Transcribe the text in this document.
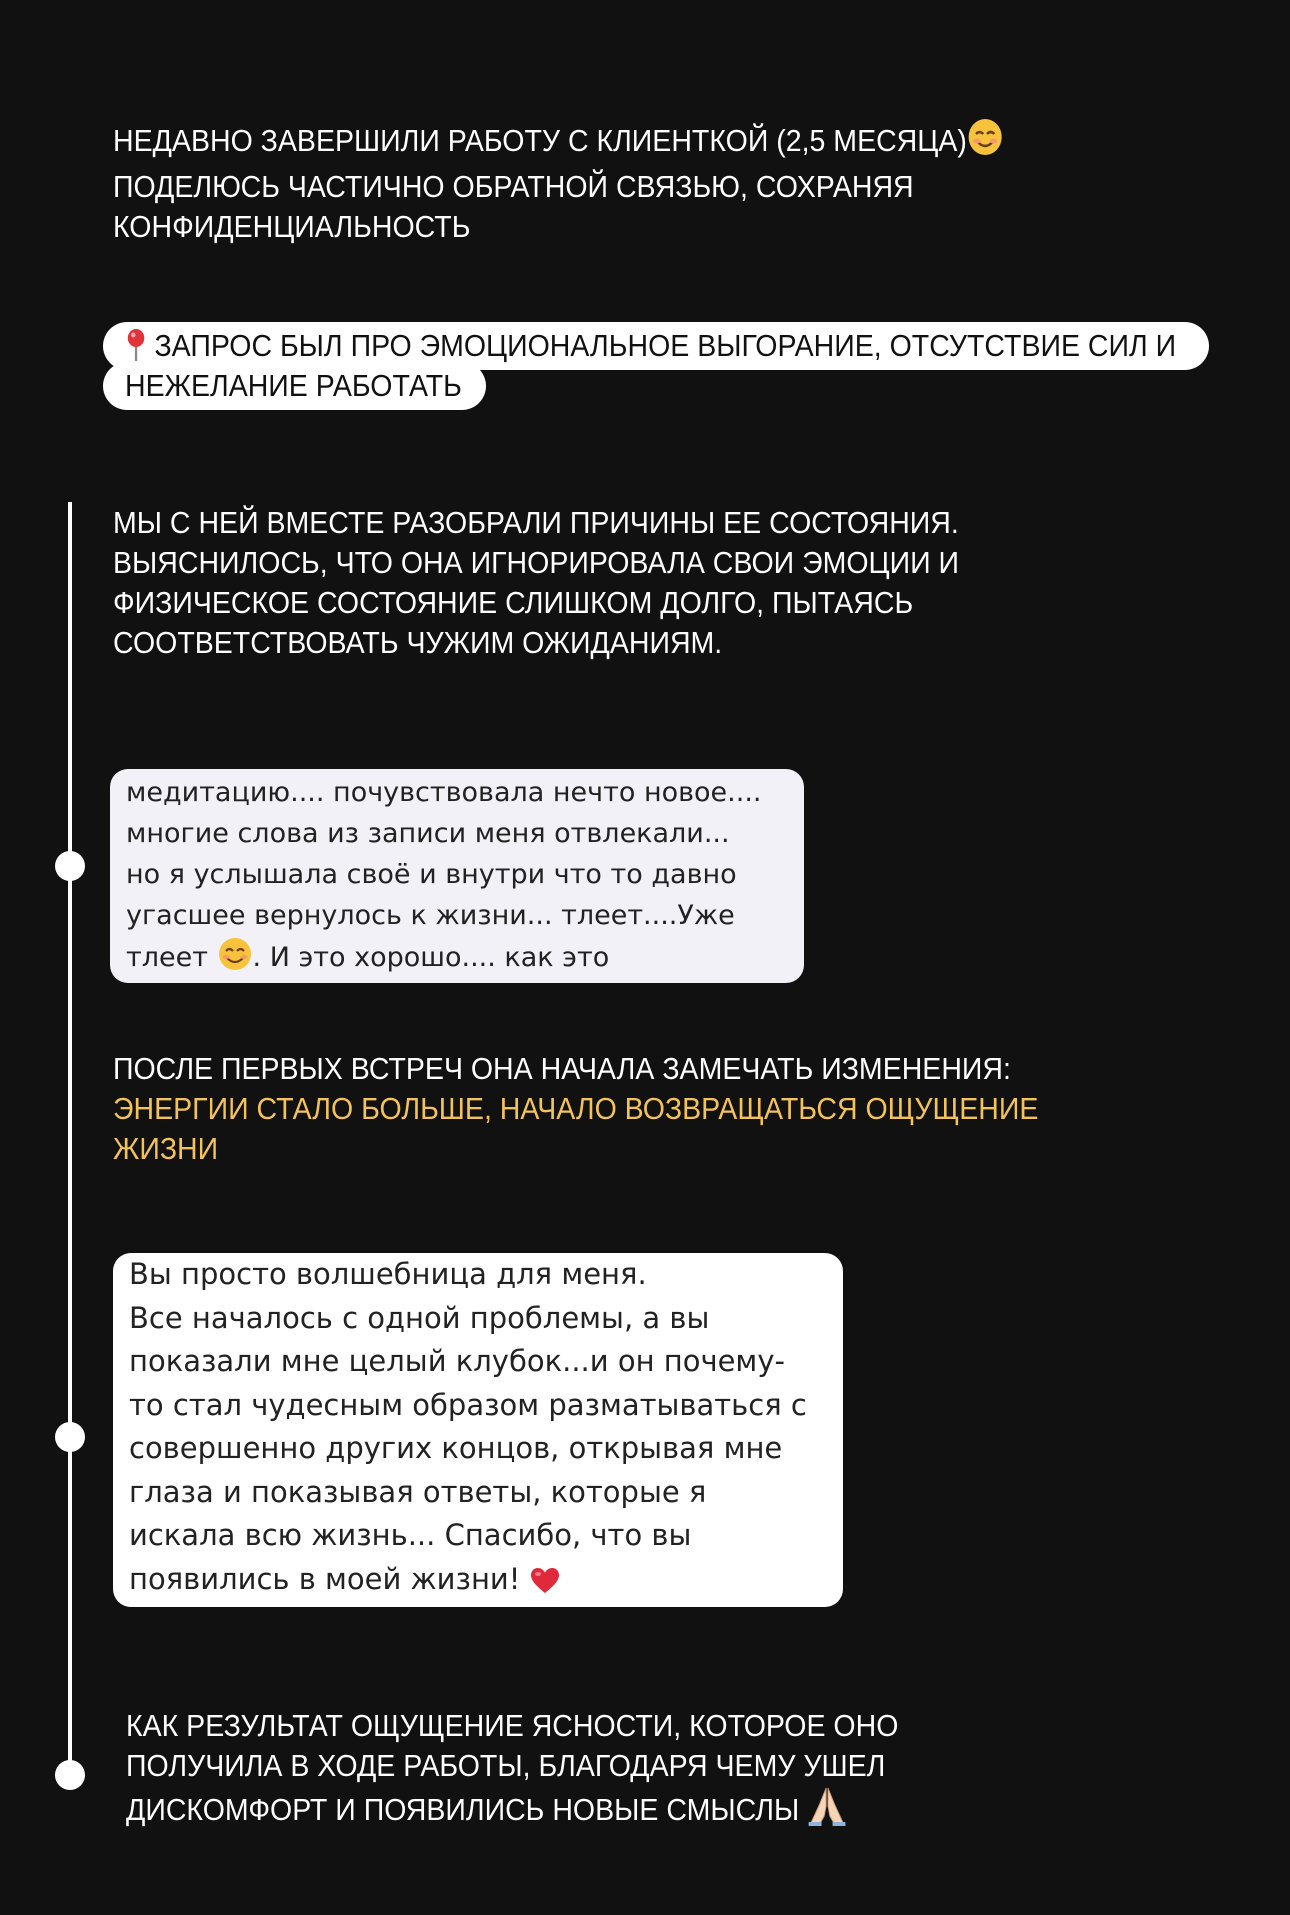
НЕДАВНО ЗАВЕРШИЛИ РАБОТУ С КЛИЕНТКОЙ (2,5 МЕСЯЦА)
ПОДЕЛЮСЬ ЧАСТИЧНО ОБРАТНОЙ СВЯЗЬЮ, СОХРАНЯЯ
КОНФИДЕНЦИАЛЬНОСТЬ
ЗАПРОС БЫЛ ПРО ЭМОЦИОНАЛЬНОЕ ВЫГОРАНИЕ, ОТСУТСТВИЕ СИЛ И
НЕЖЕЛАНИЕ РАБОТАТЬ
МЫ С НЕЙ ВМЕСТЕ РАЗОБРАЛИ ПРИЧИНЫ ЕЕ СОСТОЯНИЯ.
ВЫЯСНИЛОСЬ, ЧТО ОНА ИГНОРИРОВАЛА СВОИ ЭМОЦИИ И
ФИЗИЧЕСКОЕ СОСТОЯНИЕ СЛИШКОМ ДОЛГО, ПЫТАЯСЬ
СООТВЕТСТВОВАТЬ ЧУЖИМ ОЖИДАНИЯМ.
медитацию.... почувствовала нечто новое....
многие слова из записи меня отвлекали...
но я услышала своё и внутри что то давно
угасшее вернулось к жизни... тлеет....Уже
тлеет . И это хорошо.... как это
ПОСЛЕ ПЕРВЫХ ВСТРЕЧ ОНА НАЧАЛА ЗАМЕЧАТЬ ИЗМЕНЕНИЯ:
ЭНЕРГИИ СТАЛО БОЛЬШЕ, НАЧАЛО ВОЗВРАЩАТЬСЯ ОЩУЩЕНИЕ
ЖИЗНИ
Вы просто волшебница для меня.
Все началось с одной проблемы, а вы
показали мне целый клубок...и он почему-
то стал чудесным образом разматываться с
совершенно других концов, открывая мне
глаза и показывая ответы, которые я
искала всю жизнь... Спасибо, что вы
появились в моей жизни!
КАК РЕЗУЛЬТАТ ОЩУЩЕНИЕ ЯСНОСТИ, КОТОРОЕ ОНО
ПОЛУЧИЛА В ХОДЕ РАБОТЫ, БЛАГОДАРЯ ЧЕМУ УШЕЛ
ДИСКОМФОРТ И ПОЯВИЛИСЬ НОВЫЕ СМЫСЛЫ
